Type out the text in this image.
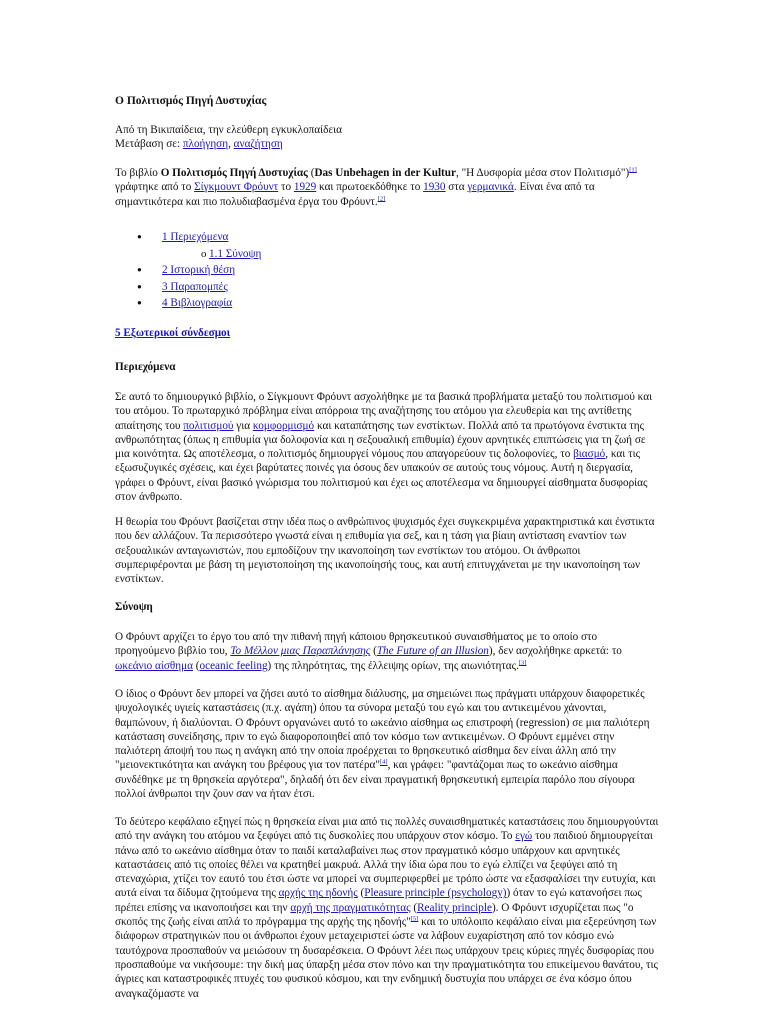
Ο Πολιτισμός Πηγή Δυστυχίας

Από τη Βικιπαίδεια, την ελεύθερη εγκυκλοπαίδεια

Μετάβαση σε: πλοήγηση, αναζήτηση

Το βιβλίο Ο Πολιτισμός Πηγή Δυστυχίας (Das Unbehagen in der Kultur, "Η Δυσφορία μέσα στον Πολιτισμό")[1] γράφτηκε από το Σίγκμουντ Φρόυντ το 1929 και πρωτοεκδόθηκε το 1930 στα γερμανικά. Είναι ένα από τα σημαντικότερα και πιο πολυδιαβασμένα έργα του Φρόυντ.[2]

● 1 Περιεχόμενα
o 1.1 Σύνοψη
● 2 Ιστορική θέση
● 3 Παραπομπές
● 4 Βιβλιογραφία
5 Εξωτερικοί σύνδεσμοι
Περιεχόμενα

Σε αυτό το δημιουργικό βιβλίο, ο Σίγκμουντ Φρόυντ ασχολήθηκε με τα βασικά προβλήματα μεταξύ του πολιτισμού και του ατόμου. Το πρωταρχικό πρόβλημα είναι απόρροια της αναζήτησης του ατόμου για ελευθερία και της αντίθετης απαίτησης του πολιτισμού για κομφορμισμό και καταπάτησης των ενστίκτων. Πολλά από τα πρωτόγονα ένστικτα της ανθρωπότητας (όπως η επιθυμία για δολοφονία και η σεξουαλική επιθυμία) έχουν αρνητικές επιπτώσεις για τη ζωή σε μια κοινότητα. Ως αποτέλεσμα, ο πολιτισμός δημιουργεί νόμους που απαγορεύουν τις δολοφονίες, το βιασμό, και τις εξωσυζυγικές σχέσεις, και έχει βαρύτατες ποινές για όσους δεν υπακούν σε αυτούς τους νόμους. Αυτή η διεργασία, γράφει ο Φρόυντ, είναι βασικό γνώρισμα του πολιτισμού και έχει ως αποτέλεσμα να δημιουργεί αίσθηματα δυσφορίας στον άνθρωπο.

Η θεωρία του Φρόυντ βασίζεται στην ιδέα πως ο ανθρώπινος ψυχισμός έχει συγκεκριμένα χαρακτηριστικά και ένστικτα που δεν αλλάζουν. Τα περισσότερο γνωστά είναι η επιθυμία για σεξ, και η τάση για βίαιη αντίσταση εναντίον των σεξουαλικών ανταγωνιστών, που εμποδίζουν την ικανοποίηση των ενστίκτων του ατόμου. Οι άνθρωποι συμπεριφέρονται με βάση τη μεγιστοποίηση της ικανοποίησής τους, και αυτή επιτυγχάνεται με την ικανοποίηση των ενστίκτων.

Σύνοψη

Ο Φρόυντ αρχίζει το έργο του από την πιθανή πηγή κάποιου θρησκευτικού συναισθήματος με το οποίο στο προηγούμενο βιβλίο του, Το Μέλλον μιας Παραπλάνησης (The Future of an Illusion), δεν ασχολήθηκε αρκετά: το ωκεάνιο αίσθημα (oceanic feeling) της πληρότητας, της έλλειψης ορίων, της αιωνιότητας.[3]

Ο ίδιος ο Φρόυντ δεν μπορεί να ζήσει αυτό το αίσθημα διάλυσης, μα σημειώνει πως πράγματι υπάρχουν διαφορετικές ψυχολογικές υγιείς καταστάσεις (π.χ. αγάπη) όπου τα σύνορα μεταξύ του εγώ και του αντικειμένου χάνονται, θαμπώνουν, ή διαλύονται. Ο Φρόυντ οργανώνει αυτό το ωκεάνιο αίσθημα ως επιστροφή (regression) σε μια παλιότερη κατάσταση συνείδησης, πριν το εγώ διαφοροποιηθεί από τον κόσμο των αντικειμένων. Ο Φρόυντ εμμένει στην παλιότερη άποψή του πως η ανάγκη από την οποία προέρχεται το θρησκευτικό αίσθημα δεν είναι άλλη από την "μειονεκτικότητα και ανάγκη του βρέφους για τον πατέρα"[4], και γράφει: "φαντάζομαι πως το ωκεάνιο αίσθημα συνδέθηκε με τη θρησκεία αργότερα", δηλαδή ότι δεν είναι πραγματική θρησκευτική εμπειρία παρόλο που σίγουρα πολλοί άνθρωποι την ζουν σαν να ήταν έτσι.

Το δεύτερο κεφάλαιο εξηγεί πώς η θρησκεία είναι μια από τις πολλές συναισθηματικές καταστάσεις που δημιουργούνται από την ανάγκη του ατόμου να ξεφύγει από τις δυσκολίες που υπάρχουν στον κόσμο. Το εγώ του παιδιού δημιουργείται πάνω από το ωκεάνιο αίσθημα όταν το παιδί καταλαβαίνει πως στον πραγματικό κόσμο υπάρχουν και αρνητικές καταστάσεις από τις οποίες θέλει να κρατηθεί μακρυά. Αλλά την ίδια ώρα που το εγώ ελπίζει να ξεφύγει από τη στεναχώρια, χτίζει τον εαυτό του έτσι ώστε να μπορεί να συμπεριφερθεί με τρόπο ώστε να εξασφαλίσει την ευτυχία, και αυτά είναι τα δίδυμα ζητούμενα της αρχής της ηδονής (Pleasure principle (psychology)) όταν το εγώ κατανοήσει πως πρέπει επίσης να ικανοποιήσει και την αρχή της πραγματικότητας (Reality principle). Ο Φρόυντ ισχυρίζεται πως "ο σκοπός της ζωής είναι απλά το πρόγραμμα της αρχής της ηδονής"[5] και το υπόλοιπο κεφάλαιο είναι μια εξερεύνηση των διάφορων στρατηγικών που οι άνθρωποι έχουν μεταχειριστεί ώστε να λάβουν ευχαρίστηση από τον κόσμο ενώ ταυτόχρονα προσπαθούν να μειώσουν τη δυσαρέσκεια. Ο Φρόυντ λέει πως υπάρχουν τρεις κύριες πηγές δυσφορίας που προσπαθούμε να νικήσουμε: την δική μας ύπαρξη μέσα στον πόνο και την πραγματικότητα του επικείμενου θανάτου, τις άγριες και καταστροφικές πτυχές του φυσικού κόσμου, και την ενδημική δυστυχία που υπάρχει σε ένα κόσμο όπου αναγκαζόμαστε να
